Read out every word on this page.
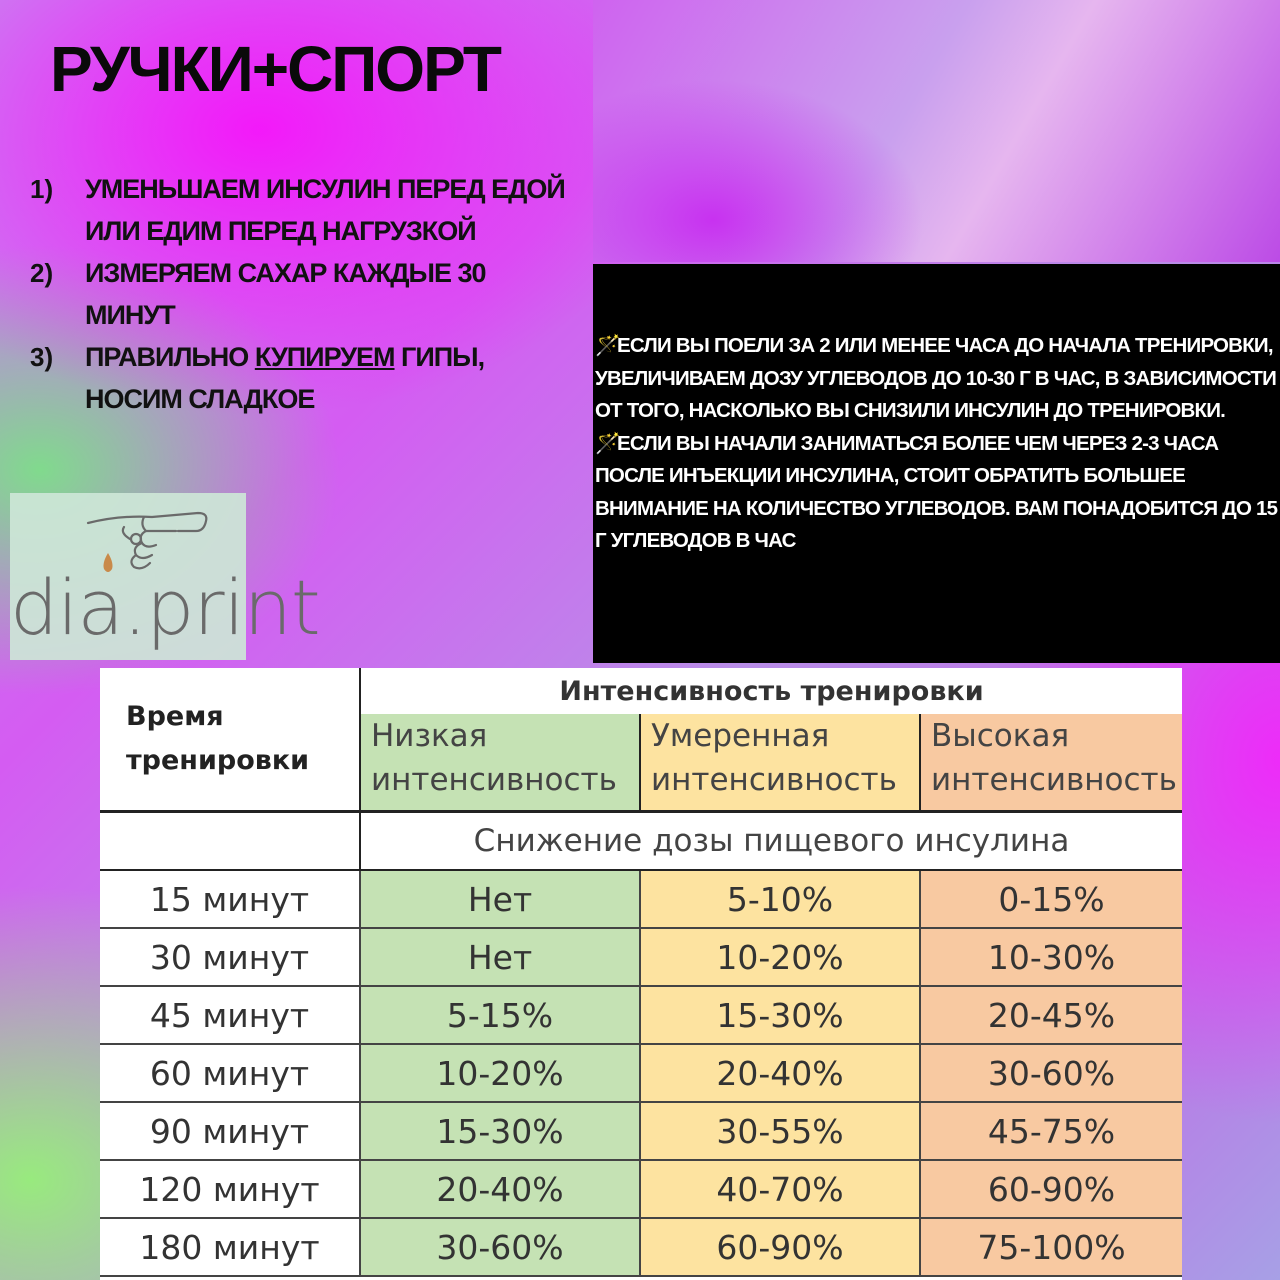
РУЧКИ+СПОРТ
1)	УМЕНЬШАЕМ ИНСУЛИН ПЕРЕД ЕДОЙ ИЛИ ЕДИМ ПЕРЕД НАГРУЗКОЙ
2)	ИЗМЕРЯЕМ САХАР КАЖДЫЕ 30 МИНУТ
3)	ПРАВИЛЬНО КУПИРУЕМ ГИПЫ, НОСИМ СЛАДКОЕ
dia.print

🪄ЕСЛИ ВЫ ПОЕЛИ ЗА 2 ИЛИ МЕНЕЕ ЧАСА ДО НАЧАЛА ТРЕНИРОВКИ, УВЕЛИЧИВАЕМ ДОЗУ УГЛЕВОДОВ ДО 10-30 Г В ЧАС, В ЗАВИСИМОСТИ ОТ ТОГО, НАСКОЛЬКО ВЫ СНИЗИЛИ ИНСУЛИН ДО ТРЕНИРОВКИ.

🪄ЕСЛИ ВЫ НАЧАЛИ ЗАНИМАТЬСЯ БОЛЕЕ ЧЕМ ЧЕРЕЗ 2-3 ЧАСА ПОСЛЕ ИНЪЕКЦИИ ИНСУЛИНА, СТОИТ ОБРАТИТЬ БОЛЬШЕЕ ВНИМАНИЕ НА КОЛИЧЕСТВО УГЛЕВОДОВ. ВАМ ПОНАДОБИТСЯ ДО 15 Г УГЛЕВОДОВ В ЧАС

Время тренировки	Интенсивность тренировки		
	Низкая интенсивность	Умеренная интенсивность	Высокая интенсивность
	Снижение дозы пищевого инсулина		
15 минут	Нет	5-10%	0-15%
30 минут	Нет	10-20%	10-30%
45 минут	5-15%	15-30%	20-45%
60 минут	10-20%	20-40%	30-60%
90 минут	15-30%	30-55%	45-75%
120 минут	20-40%	40-70%	60-90%
180 минут	30-60%	60-90%	75-100%
